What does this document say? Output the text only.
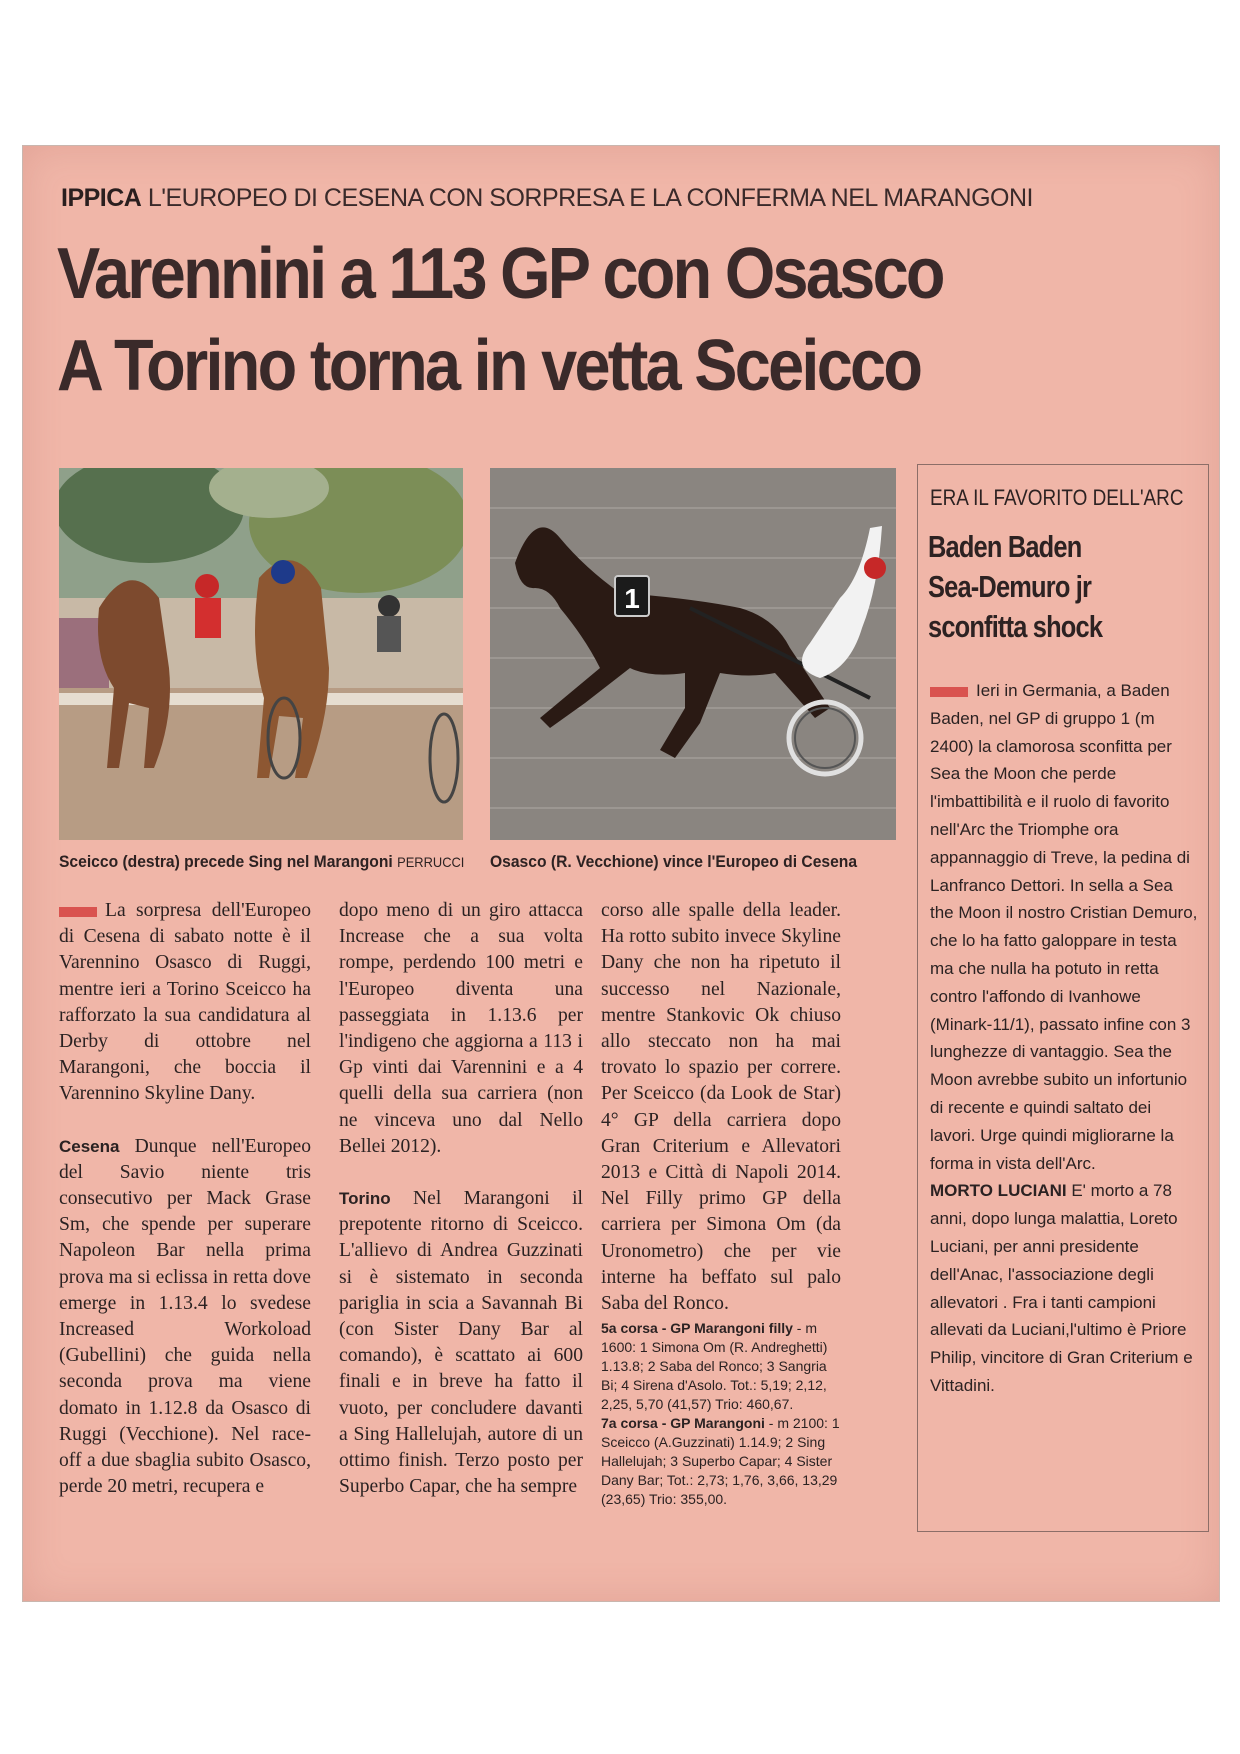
IPPICA L'EUROPEO DI CESENA CON SORPRESA E LA CONFERMA NEL MARANGONI
Varennini a 113 GP con Osasco
A Torino torna in vetta Sceicco
1
Sceicco (destra) precede Sing nel Marangoni PERRUCCI Osasco (R. Vecchione) vince l'Europeo di Cesena

La sorpresa dell'Europeo di Cesena di sabato notte è il Varennino Osasco di Ruggi, mentre ieri a Torino Sceicco ha rafforzato la sua candidatura al Derby di ottobre nel Marangoni, che boccia il Varennino Skyline Dany.

Cesena Dunque nell'Europeo del Savio niente tris consecutivo per Mack Grase Sm, che spende per superare Napoleon Bar nella prima prova ma si eclissa in retta dove emerge in 1.13.4 lo svedese Increased Workoload (Gubellini) che guida nella seconda prova ma viene domato in 1.12.8 da Osasco di Ruggi (Vecchione). Nel race-off a due sbaglia subito Osasco, perde 20 metri, recupera e

dopo meno di un giro attacca Increase che a sua volta rompe, perdendo 100 metri e l'Europeo diventa una passeggiata in 1.13.6 per l'indigeno che aggiorna a 113 i Gp vinti dai Varennini e a 4 quelli della sua carriera (non ne vinceva uno dal Nello Bellei 2012).

Torino Nel Marangoni il prepotente ritorno di Sceicco. L'allievo di Andrea Guzzinati si è sistemato in seconda pariglia in scia a Savannah Bi (con Sister Dany Bar al comando), è scattato ai 600 finali e in breve ha fatto il vuoto, per concludere davanti a Sing Hallelujah, autore di un ottimo finish. Terzo posto per Superbo Capar, che ha sempre

corso alle spalle della leader. Ha rotto subito invece Skyline Dany che non ha ripetuto il successo nel Nazionale, mentre Stankovic Ok chiuso allo steccato non ha mai trovato lo spazio per correre. Per Sceicco (da Look de Star) 4° GP della carriera dopo Gran Criterium e Allevatori 2013 e Città di Napoli 2014. Nel Filly primo GP della carriera per Simona Om (da Uronometro) che per vie interne ha beffato sul palo Saba del Ronco.

5a corsa - GP Marangoni filly - m 1600: 1 Simona Om (R. Andreghetti) 1.13.8; 2 Saba del Ronco; 3 Sangria Bi; 4 Sirena d'Asolo. Tot.: 5,19; 2,12, 2,25, 5,70 (41,57) Trio: 460,67.
7a corsa - GP Marangoni - m 2100: 1 Sceicco (A.Guzzinati) 1.14.9; 2 Sing Hallelujah; 3 Superbo Capar; 4 Sister Dany Bar; Tot.: 2,73; 1,76, 3,66, 13,29 (23,65) Trio: 355,00.
ERA IL FAVORITO DELL'ARC
Baden Baden
Sea-Demuro jr
sconfitta shock

Ieri in Germania, a Baden Baden, nel GP di gruppo 1 (m 2400) la clamorosa sconfitta per Sea the Moon che perde l'imbattibilità e il ruolo di favorito nell'Arc the Triomphe ora appannaggio di Treve, la pedina di Lanfranco Dettori. In sella a Sea the Moon il nostro Cristian Demuro, che lo ha fatto galoppare in testa ma che nulla ha potuto in retta contro l'affondo di Ivanhowe (Minark-11/1), passato infine con 3 lunghezze di vantaggio. Sea the Moon avrebbe subito un infortunio di recente e quindi saltato dei lavori. Urge quindi migliorarne la forma in vista dell'Arc.

MORTO LUCIANI E' morto a 78 anni, dopo lunga malattia, Loreto Luciani, per anni presidente dell'Anac, l'associazione degli allevatori . Fra i tanti campioni allevati da Luciani,l'ultimo è Priore Philip, vincitore di Gran Criterium e Vittadini.
